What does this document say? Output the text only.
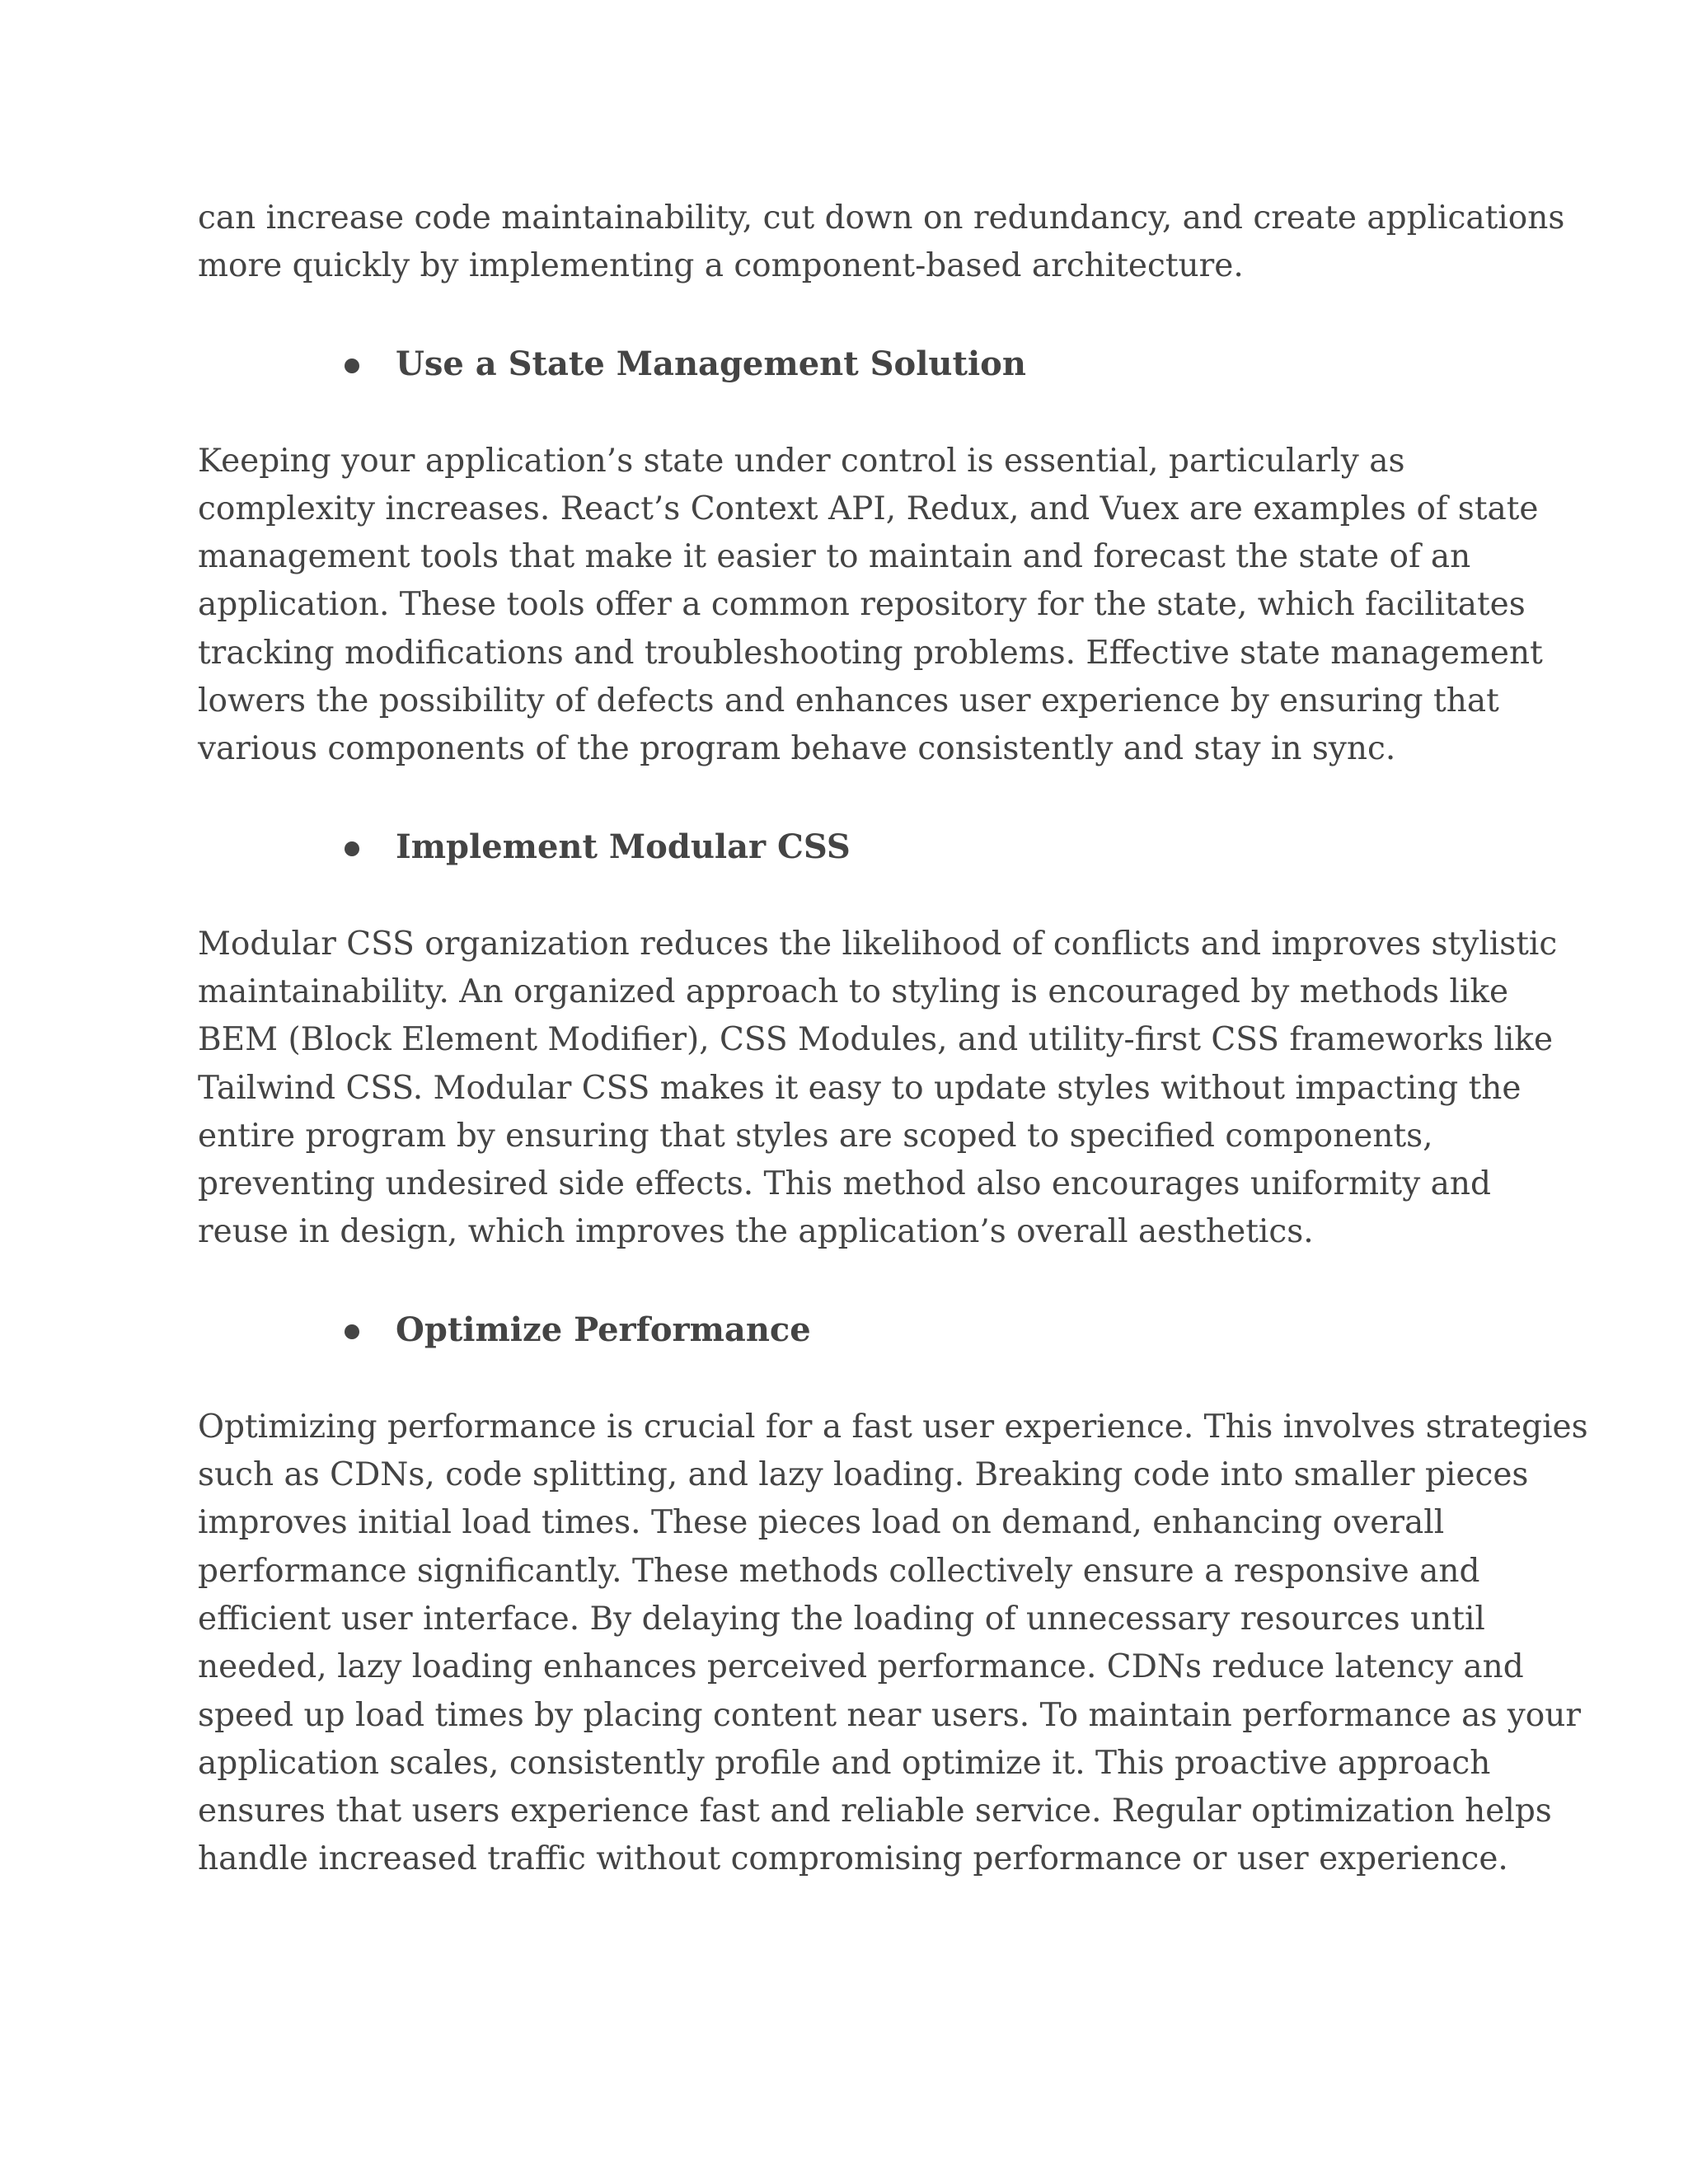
can increase code maintainability, cut down on redundancy, and create applications
more quickly by implementing a component-based architecture.
Use a State Management Solution
Keeping your application’s state under control is essential, particularly as
complexity increases. React’s Context API, Redux, and Vuex are examples of state
management tools that make it easier to maintain and forecast the state of an
application. These tools offer a common repository for the state, which facilitates
tracking modifications and troubleshooting problems. Effective state management
lowers the possibility of defects and enhances user experience by ensuring that
various components of the program behave consistently and stay in sync.
Implement Modular CSS
Modular CSS organization reduces the likelihood of conflicts and improves stylistic
maintainability. An organized approach to styling is encouraged by methods like
BEM (Block Element Modifier), CSS Modules, and utility-first CSS frameworks like
Tailwind CSS. Modular CSS makes it easy to update styles without impacting the
entire program by ensuring that styles are scoped to specified components,
preventing undesired side effects. This method also encourages uniformity and
reuse in design, which improves the application’s overall aesthetics.
Optimize Performance
Optimizing performance is crucial for a fast user experience. This involves strategies
such as CDNs, code splitting, and lazy loading. Breaking code into smaller pieces
improves initial load times. These pieces load on demand, enhancing overall
performance significantly. These methods collectively ensure a responsive and
efficient user interface. By delaying the loading of unnecessary resources until
needed, lazy loading enhances perceived performance. CDNs reduce latency and
speed up load times by placing content near users. To maintain performance as your
application scales, consistently profile and optimize it. This proactive approach
ensures that users experience fast and reliable service. Regular optimization helps
handle increased traffic without compromising performance or user experience.
